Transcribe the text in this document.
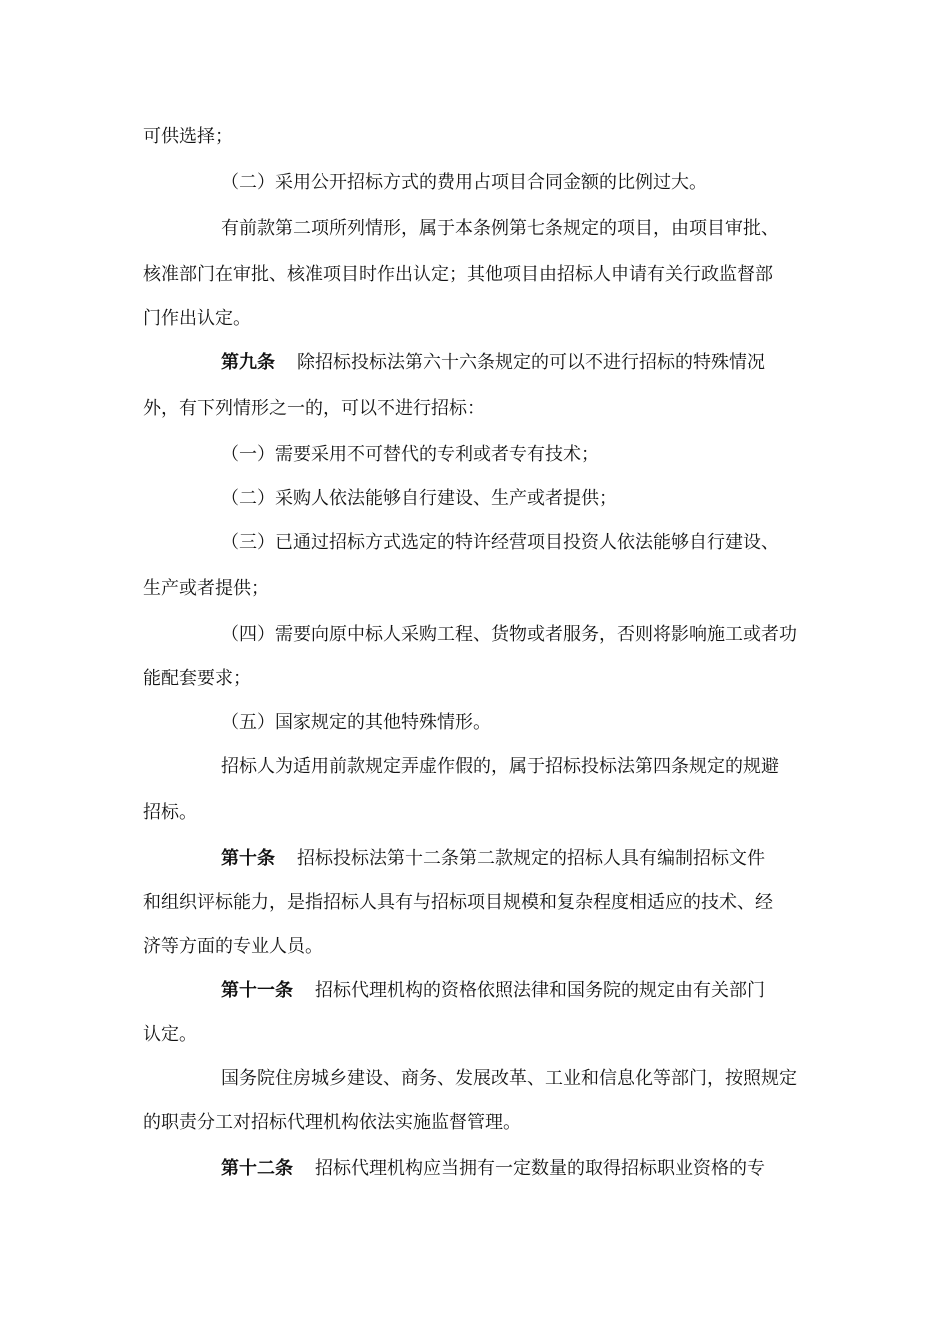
可供选择；
（二）采用公开招标方式的费用占项目合同金额的比例过大。
有前款第二项所列情形，属于本条例第七条规定的项目，由项目审批、
核准部门在审批、核准项目时作出认定；其他项目由招标人申请有关行政监督部
门作出认定。
第九条 除招标投标法第六十六条规定的可以不进行招标的特殊情况
外，有下列情形之一的，可以不进行招标：
（一）需要采用不可替代的专利或者专有技术；
（二）采购人依法能够自行建设、生产或者提供；
（三）已通过招标方式选定的特许经营项目投资人依法能够自行建设、
生产或者提供；
（四）需要向原中标人采购工程、货物或者服务，否则将影响施工或者功
能配套要求；
（五）国家规定的其他特殊情形。
招标人为适用前款规定弄虚作假的，属于招标投标法第四条规定的规避
招标。
第十条 招标投标法第十二条第二款规定的招标人具有编制招标文件
和组织评标能力，是指招标人具有与招标项目规模和复杂程度相适应的技术、经
济等方面的专业人员。
第十一条 招标代理机构的资格依照法律和国务院的规定由有关部门
认定。
国务院住房城乡建设、商务、发展改革、工业和信息化等部门，按照规定
的职责分工对招标代理机构依法实施监督管理。
第十二条 招标代理机构应当拥有一定数量的取得招标职业资格的专
